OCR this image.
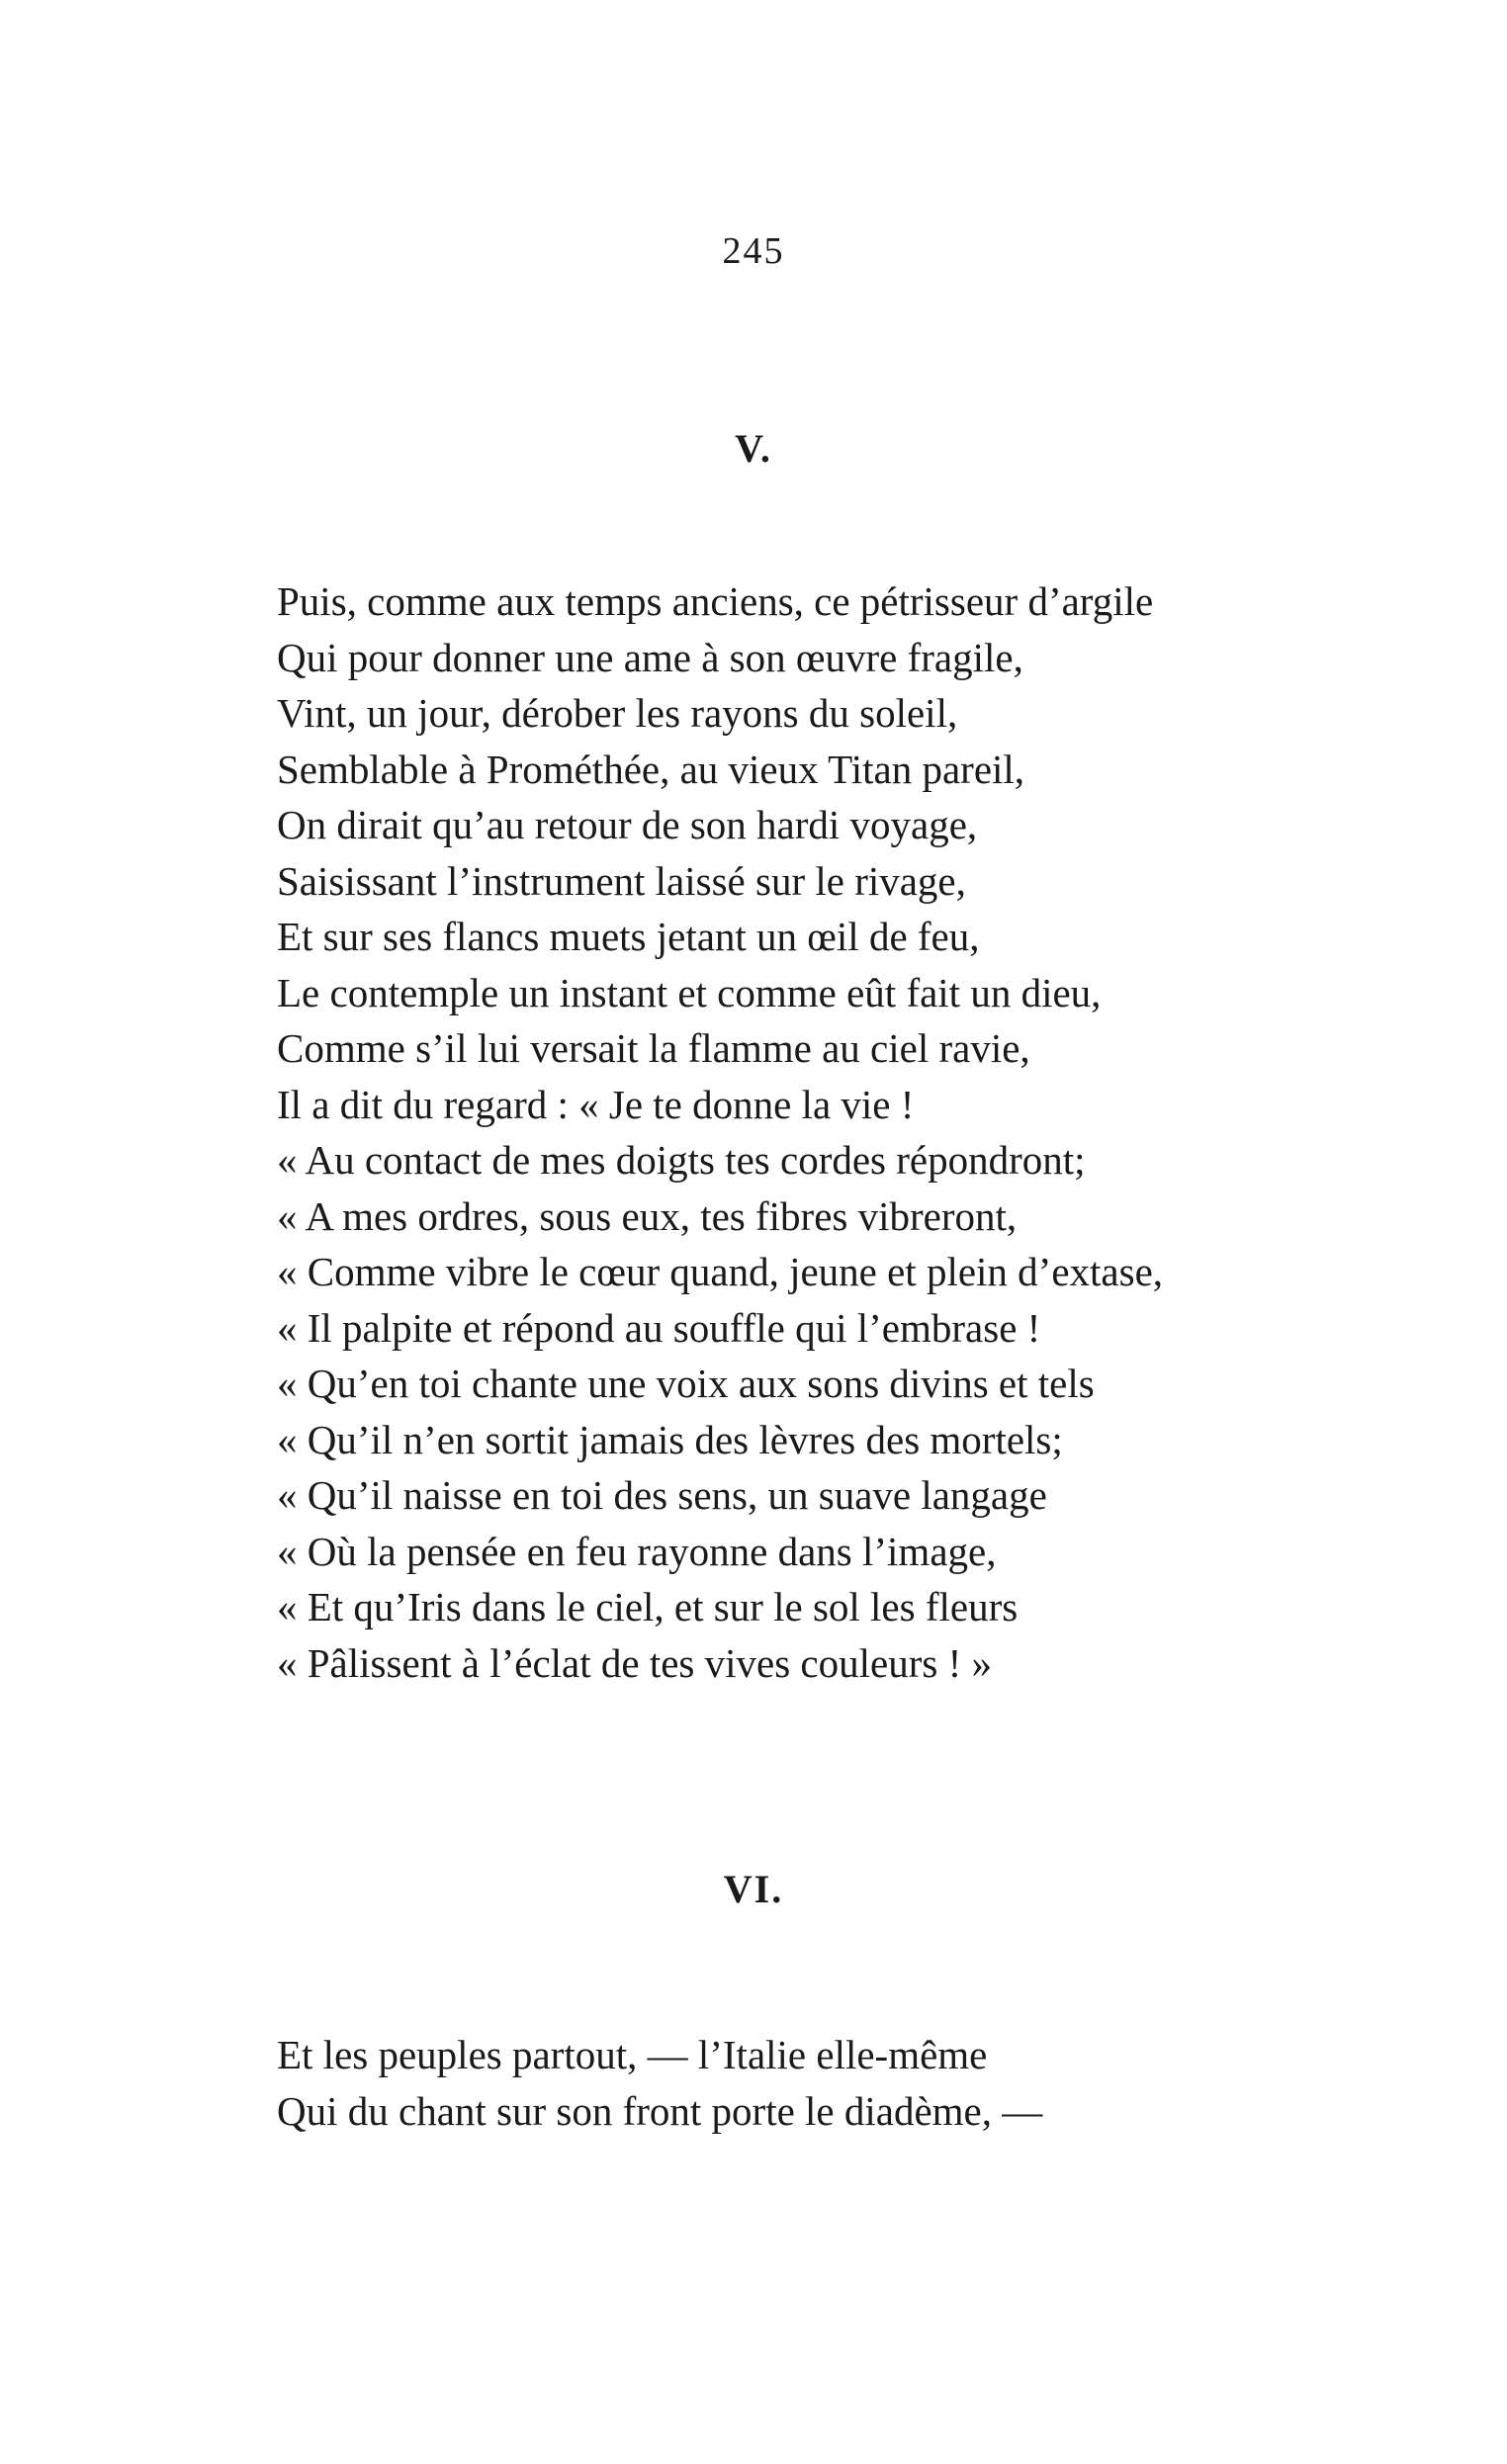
245
V.
Puis, comme aux temps anciens, ce pétrisseur d’argile
Qui pour donner une ame à son œuvre fragile,
Vint, un jour, dérober les rayons du soleil,
Semblable à Prométhée, au vieux Titan pareil,
On dirait qu’au retour de son hardi voyage,
Saisissant l’instrument laissé sur le rivage,
Et sur ses flancs muets jetant un œil de feu,
Le contemple un instant et comme eût fait un dieu,
Comme s’il lui versait la flamme au ciel ravie,
Il a dit du regard : « Je te donne la vie !
« Au contact de mes doigts tes cordes répondront;
« A mes ordres, sous eux, tes fibres vibreront,
« Comme vibre le cœur quand, jeune et plein d’extase,
« Il palpite et répond au souffle qui l’embrase !
« Qu’en toi chante une voix aux sons divins et tels
« Qu’il n’en sortit jamais des lèvres des mortels;
« Qu’il naisse en toi des sens, un suave langage
« Où la pensée en feu rayonne dans l’image,
« Et qu’Iris dans le ciel, et sur le sol les fleurs
« Pâlissent à l’éclat de tes vives couleurs ! »
VI.
Et les peuples partout, — l’Italie elle-même
Qui du chant sur son front porte le diadème, —
